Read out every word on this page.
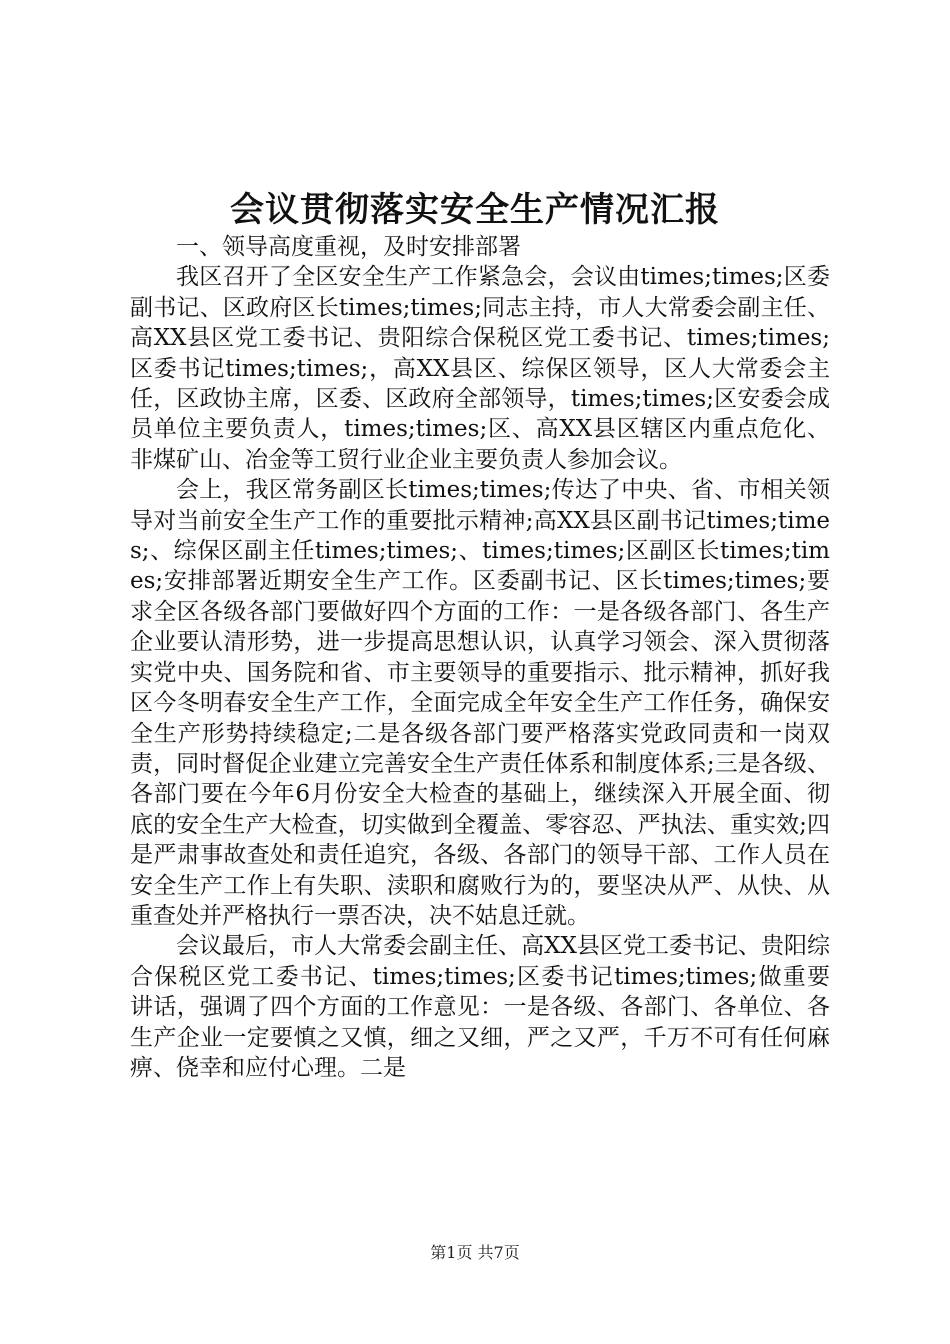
会议贯彻落实安全生产情况汇报

一、领导高度重视，及时安排部署

我区召开了全区安全生产工作紧急会，会议由times;times;区委副书记、区政府区长times;times;同志主持，市人大常委会副主任、高XX县区党工委书记、贵阳综合保税区党工委书记、times;times;区委书记times;times;，高XX县区、综保区领导，区人大常委会主任，区政协主席，区委、区政府全部领导，times;times;区安委会成员单位主要负责人，times;times;区、高XX县区辖区内重点危化、非煤矿山、冶金等工贸行业企业主要负责人参加会议。

会上，我区常务副区长times;times;传达了中央、省、市相关领导对当前安全生产工作的重要批示精神;高XX县区副书记times;times;、综保区副主任times;times;、times;times;区副区长times;times;安排部署近期安全生产工作。区委副书记、区长times;times;要求全区各级各部门要做好四个方面的工作：一是各级各部门、各生产企业要认清形势，进一步提高思想认识，认真学习领会、深入贯彻落实党中央、国务院和省、市主要领导的重要指示、批示精神，抓好我区今冬明春安全生产工作，全面完成全年安全生产工作任务，确保安全生产形势持续稳定;二是各级各部门要严格落实党政同责和一岗双责，同时督促企业建立完善安全生产责任体系和制度体系;三是各级、各部门要在今年6月份安全大检查的基础上，继续深入开展全面、彻底的安全生产大检查，切实做到全覆盖、零容忍、严执法、重实效;四是严肃事故查处和责任追究，各级、各部门的领导干部、工作人员在安全生产工作上有失职、渎职和腐败行为的，要坚决从严、从快、从重查处并严格执行一票否决，决不姑息迁就。

会议最后，市人大常委会副主任、高XX县区党工委书记、贵阳综合保税区党工委书记、times;times;区委书记times;times;做重要讲话，强调了四个方面的工作意见：一是各级、各部门、各单位、各生产企业一定要慎之又慎，细之又细，严之又严，千万不可有任何麻痹、侥幸和应付心理。二是

第1页 共7页
